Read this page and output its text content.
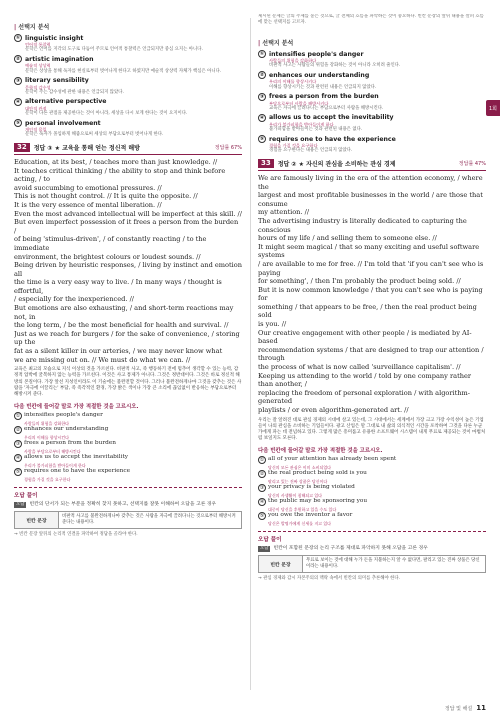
| 선택지 분석
① linguistic insight
언어적 통찰력
문학은 언어를 지각의 도구로 다듬어 주므로 언어적 통찰력은 언급되지만 중심 요지는 아니다.
② artistic imagination
예술적 상상력
문학은 상상을 통해 독자를 현실로부터 벗어나게 한다고 하였지만 예술적 상상력 자체가 핵심은 아니다.
③ literary sensibility
문학적 감수성
문학이 주는 감수성에 관한 내용은 언급되지 않았다.
④ alternative perspective
대안적 관점
문학이 다른 관점을 제공한다는 것이 아니라, 세상을 다시 보게 한다는 것이 요지이다.
⑤ personal involvement
개인적 몰입
문학은 독자가 몰입하게 해줌으로써 세상의 부담으로부터 벗어나게 한다.
32	정답 ③ ★ 교육을 통해 얻는 정신적 해방	정답률 67%
Education, at its best, / teaches more than just knowledge. //
It teaches critical thinking / the ability to stop and think before acting, / to
avoid succumbing to emotional pressures. //
This is not thought control. // It is quite the opposite. //
It is the very essence of mental liberation. //
Even the most advanced intellectual will be imperfect at this skill. //
But even imperfect possession of it frees a person from the burden /
of being 'stimulus-driven', / of constantly reacting / to the immediate
environment, the brightest colours or loudest sounds. //
Being driven by heuristic responses, / living by instinct and emotion all
the time is a very easy way to live. / In many ways / thought is effortful,
/ especially for the inexperienced. //
But emotions are also exhausting, / and short-term reactions may not, in
the long term, / be the most beneficial for health and survival. //
Just as we reach for burgers / for the sake of convenience, / storing up the
fat as a silent killer in our arteries, / we may never know what
we are missing out on. // We must do what we can. //
교육은 최고의 모습으로 지식 이상의 것을 가르친다. 비판적 사고, 즉 행동하기 전에 멈추어 생각할 수 있는 능력, 감정적 압박에 굴복하지 않는 능력을 가르친다. 이것은 사고 통제가 아니다. 그것은 정반대이다. 그것은 바로 정신적 해방의 본질이다. 가장 앞선 지성인이라도 이 기술에는 불완전할 것이다. 그러나 불완전하게나마 그것을 갖추는 것은 사람을 '자극에 이끌리는' 부담, 즉 즉각적인 환경, 가장 밝은 색이나 가장 큰 소리에 끊임없이 반응하는 부담으로부터 해방시켜 준다.
다음 빈칸에 들어갈 말로 가장 적절한 것을 고르시오.
① intensifies people's danger
사람들의 위험을 강화한다
② enhances our understanding
우리의 이해를 향상시킨다
③ frees a person from the burden
사람을 부담으로부터 해방시킨다
④ allows us to accept the inevitability
우리가 불가피함을 받아들이게 한다
⑤ requires one to have the experience
경험을 가질 것을 요구한다
오답 풀이
오답	빈칸의 단서가 되는 부분을 정확히 찾지 못하고, 선택지를 잘못 이해하여 오답을 고른 경우
빈칸 문장
비판적 사고를 불완전하게나마 갖추는 것은 사람을 자극에 끌려다니는 것으로부터 해방시켜 준다는 내용이다.
→ 빈칸 문장 앞뒤의 논리적 연결을 파악하여 정답을 골라야 한다.
제시된 문제는 글의 주제를 묻는 것으로, 글 전체의 흐름을 파악하는 것이 중요하다. 빈칸 문장의 앞뒤 내용을 살펴 흐름에 맞는 선택지를 고르자.
| 선택지 분석
① intensifies people's danger
사람들의 위험을 강화하다
비판적 사고는 사람들의 위험을 강화하는 것이 아니라 오히려 줄인다.
② enhances our understanding
우리의 이해를 향상시키다
이해를 향상시키는 것과 관련된 내용은 언급되지 않았다.
③ frees a person from the burden
부담으로부터 사람을 해방시키다
교육은 자극에 끌려다니는 부담으로부터 사람을 해방시킨다.
④ allows us to accept the inevitability
우리가 불가피함을 받아들이게 하다
불가피함을 받아들이는 것과 관련된 내용은 없다.
⑤ requires one to have the experience
경험을 가질 것을 요구하다
경험을 요구한다는 내용은 언급되지 않았다.
33	정답 ② ★ 자신의 관심을 소비하는 관심 경제	정답률 47%
We are famously living in the era of the attention economy, / where the
largest and most profitable businesses in the world / are those that consume
my attention. //
The advertising industry is literally dedicated to capturing the conscious
hours of my life / and selling them to someone else. //
It might seem magical / that so many exciting and useful software systems
/ are available to me for free. // I'm told that 'if you can't see who is paying
for something', / then I'm probably the product being sold. //
But it is now common knowledge / that you can't see who is paying for
something / that appears to be free, / then the real product being sold
is you. //
Our creative engagement with other people / is mediated by AI-based
recommendation systems / that are designed to trap our attention / through
the process of what is now called 'surveillance capitalism'. //
Keeping us attending to the world / told by one company rather than another, /
replacing the freedom of personal exploration / with algorithm-generated
playlists / or even algorithm-generated art. //
우리는 잘 알려진 대로 관심 경제의 시대에 살고 있는데, 그 시대에서는 세계에서 가장 크고 가장 수익성이 높은 기업들이 나의 관심을 소비하는 기업들이다. 광고 산업은 말 그대로 내 삶의 의식적인 시간을 포착하여 그것을 다른 누군가에게 파는 데 전념하고 있다. 그렇게 많은 흥미롭고 유용한 소프트웨어 시스템이 내게 무료로 제공되는 것이 마법처럼 보일지도 모른다.
다음 빈칸에 들어갈 말로 가장 적절한 것을 고르시오.
① all of your attention has already been spent
당신의 모든 관심은 이미 소비되었다
② the real product being sold is you
팔리고 있는 진짜 상품은 당신이다
③ your privacy is being violated
당신의 사생활이 침해되고 있다
④ the public may be sponsoring you
대중이 당신을 후원하고 있을 수도 있다
⑤ you owe the inventor a favor
당신은 발명가에게 신세를 지고 있다
오답 풀이
오답	빈칸이 포함된 문장의 논리 구조를 제대로 파악하지 못해 오답을 고른 경우
빈칸 문장
무료로 보이는 것에 대해 누가 돈을 지불하는지 알 수 없다면, 팔리고 있는 진짜 상품은 당신이라는 내용이다.
→ 관심 경제와 감시 자본주의의 맥락 속에서 빈칸의 의미를 추론해야 한다.
1회
정답 및 해설 11
